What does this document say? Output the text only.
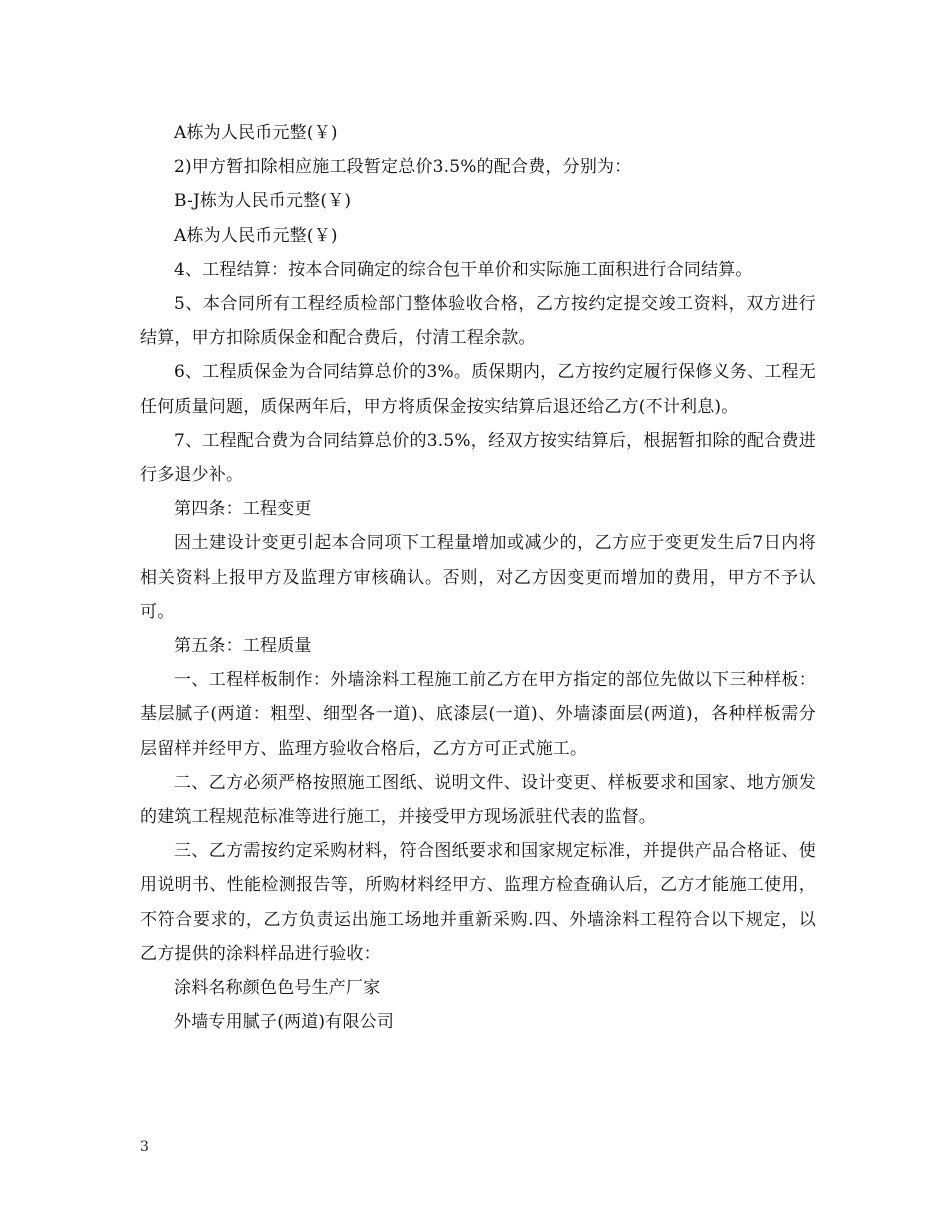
A栋为人民币元整(￥)

2)甲方暂扣除相应施工段暂定总价3.5%的配合费，分别为：

B-J栋为人民币元整(￥)

A栋为人民币元整(￥)

4、工程结算：按本合同确定的综合包干单价和实际施工面积进行合同结算。

5、本合同所有工程经质检部门整体验收合格，乙方按约定提交竣工资料，双方进行结算，甲方扣除质保金和配合费后，付清工程余款。

6、工程质保金为合同结算总价的3%。质保期内，乙方按约定履行保修义务、工程无任何质量问题，质保两年后，甲方将质保金按实结算后退还给乙方(不计利息)。

7、工程配合费为合同结算总价的3.5%，经双方按实结算后，根据暂扣除的配合费进行多退少补。

第四条：工程变更

因土建设计变更引起本合同项下工程量增加或减少的，乙方应于变更发生后7日内将相关资料上报甲方及监理方审核确认。否则，对乙方因变更而增加的费用，甲方不予认可。

第五条：工程质量

一、工程样板制作：外墙涂料工程施工前乙方在甲方指定的部位先做以下三种样板：基层腻子(两道：粗型、细型各一道)、底漆层(一道)、外墙漆面层(两道)，各种样板需分层留样并经甲方、监理方验收合格后，乙方方可正式施工。

二、乙方必须严格按照施工图纸、说明文件、设计变更、样板要求和国家、地方颁发的建筑工程规范标准等进行施工，并接受甲方现场派驻代表的监督。

三、乙方需按约定采购材料，符合图纸要求和国家规定标准，并提供产品合格证、使用说明书、性能检测报告等，所购材料经甲方、监理方检查确认后，乙方才能施工使用，不符合要求的，乙方负责运出施工场地并重新采购.四、外墙涂料工程符合以下规定，以乙方提供的涂料样品进行验收：

涂料名称颜色色号生产厂家

外墙专用腻子(两道)有限公司

3
